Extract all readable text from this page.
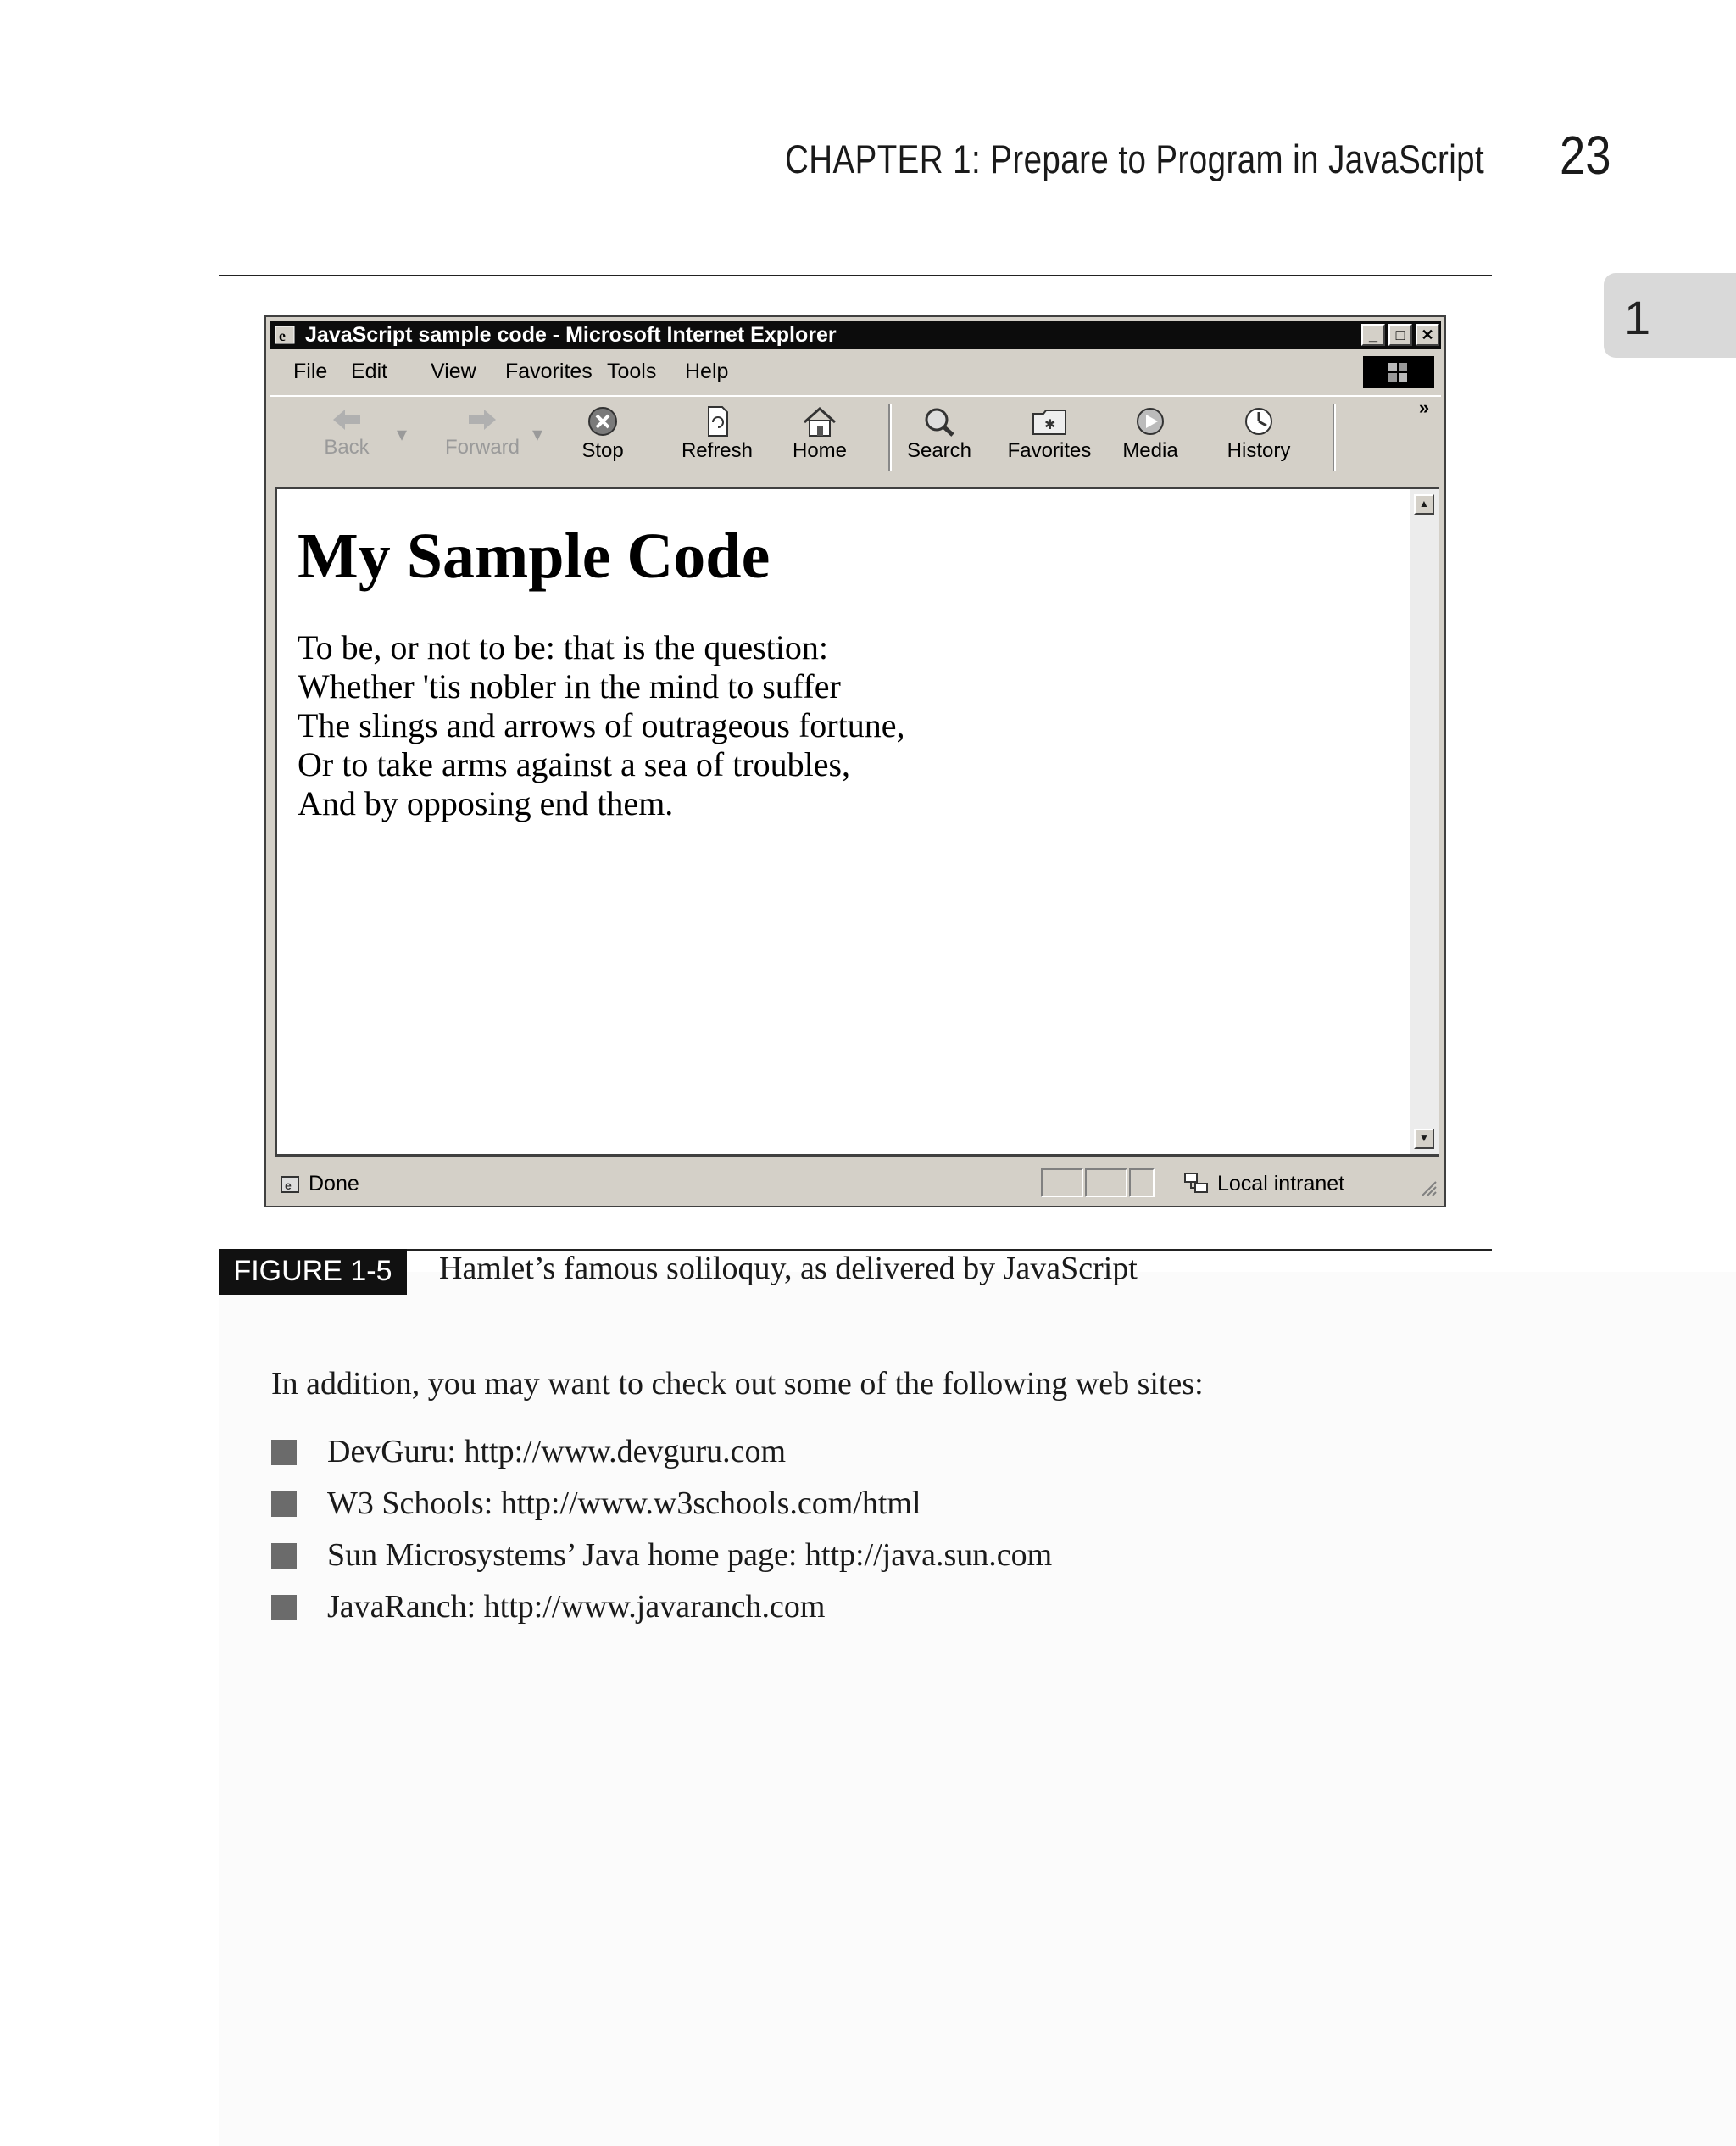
CHAPTER 1: Prepare to Program in JavaScript 23
1
e JavaScript sample code - Microsoft Internet Explorer	_	□	✕
File Edit View Favorites Tools Help
Back
▾
Forward
▾
Stop	Refresh	Home	Search
✱
Favorites	Media	History
»
My Sample Code
To be, or not to be: that is the question:
Whether 'tis nobler in the mind to suffer
The slings and arrows of outrageous fortune,
Or to take arms against a sea of troubles,
And by opposing end them.
▲
▼
e Done	Local intranet
FIGURE 1-5	Hamlet’s famous soliloquy, as delivered by JavaScript
In addition, you may want to check out some of the following web sites:
DevGuru: http://www.devguru.com
W3 Schools: http://www.w3schools.com/html
Sun Microsystems’ Java home page: http://java.sun.com
JavaRanch: http://www.javaranch.com
